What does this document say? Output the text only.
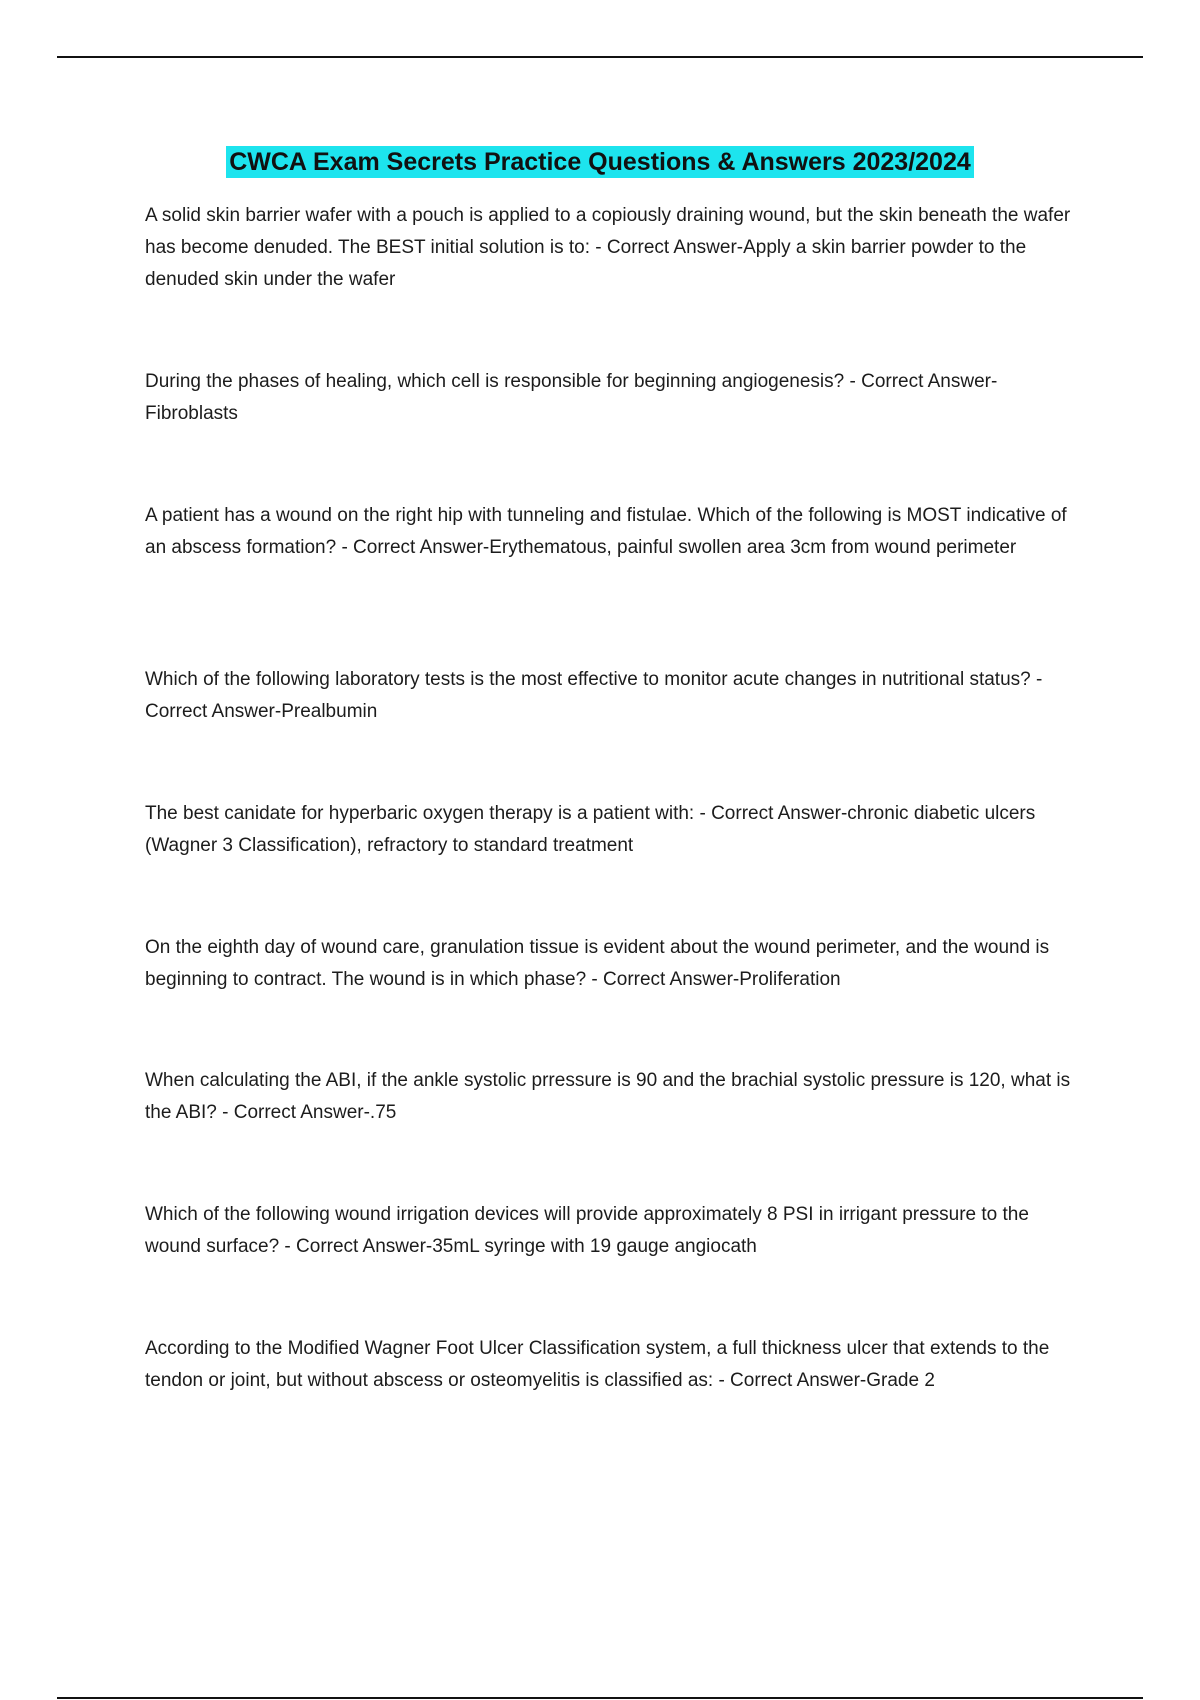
CWCA Exam Secrets Practice Questions & Answers 2023/2024

A solid skin barrier wafer with a pouch is applied to a copiously draining wound, but the skin beneath the wafer has become denuded. The BEST initial solution is to: - Correct Answer-Apply a skin barrier powder to the denuded skin under the wafer

During the phases of healing, which cell is responsible for beginning angiogenesis? - Correct Answer-Fibroblasts

A patient has a wound on the right hip with tunneling and fistulae. Which of the following is MOST indicative of an abscess formation? - Correct Answer-Erythematous, painful swollen area 3cm from wound perimeter

Which of the following laboratory tests is the most effective to monitor acute changes in nutritional status? - Correct Answer-Prealbumin

The best canidate for hyperbaric oxygen therapy is a patient with: - Correct Answer-chronic diabetic ulcers (Wagner 3 Classification), refractory to standard treatment

On the eighth day of wound care, granulation tissue is evident about the wound perimeter, and the wound is beginning to contract. The wound is in which phase? - Correct Answer-Proliferation

When calculating the ABI, if the ankle systolic prressure is 90 and the brachial systolic pressure is 120, what is the ABI? - Correct Answer-.75

Which of the following wound irrigation devices will provide approximately 8 PSI in irrigant pressure to the wound surface? - Correct Answer-35mL syringe with 19 gauge angiocath

According to the Modified Wagner Foot Ulcer Classification system, a full thickness ulcer that extends to the tendon or joint, but without abscess or osteomyelitis is classified as: - Correct Answer-Grade 2
